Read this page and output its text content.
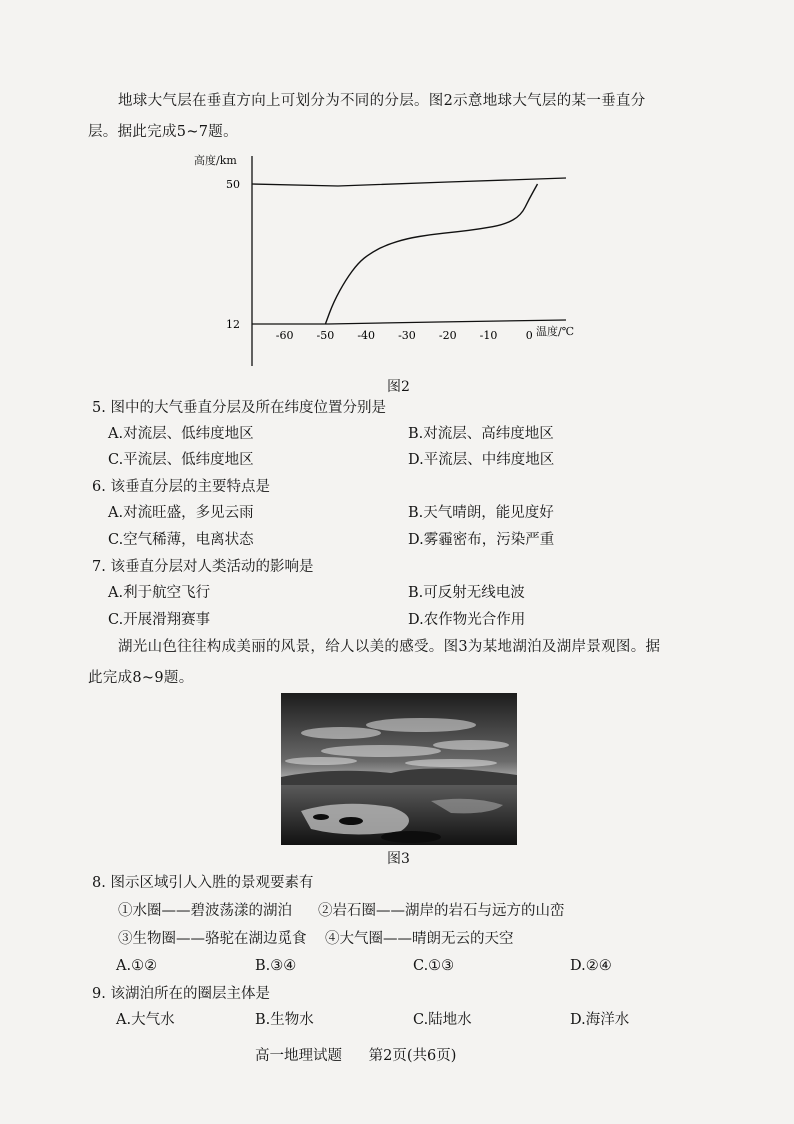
地球大气层在垂直方向上可划分为不同的分层。图2示意地球大气层的某一垂直分
层。据此完成5~7题。
高度/km
温度/℃
-60 -50 -40 -30 -20 -10	0
12
50
图2
5. 图中的大气垂直分层及所在纬度位置分别是
A.对流层、低纬度地区	B.对流层、高纬度地区
C.平流层、低纬度地区	D.平流层、中纬度地区
6. 该垂直分层的主要特点是
A.对流旺盛，多见云雨	B.天气晴朗，能见度好
C.空气稀薄，电离状态	D.雾霾密布，污染严重
7. 该垂直分层对人类活动的影响是
A.利于航空飞行	B.可反射无线电波
C.开展滑翔赛事	D.农作物光合作用
湖光山色往往构成美丽的风景，给人以美的感受。图3为某地湖泊及湖岸景观图。据
此完成8~9题。
图3
8. 图示区域引人入胜的景观要素有
①水圈——碧波荡漾的湖泊 ②岩石圈——湖岸的岩石与远方的山峦
③生物圈——骆驼在湖边觅食 ④大气圈——晴朗无云的天空
A.①②	B.③④	C.①③	D.②④
9. 该湖泊所在的圈层主体是
A.大气水	B.生物水	C.陆地水	D.海洋水
高一地理试题 第2页(共6页)
